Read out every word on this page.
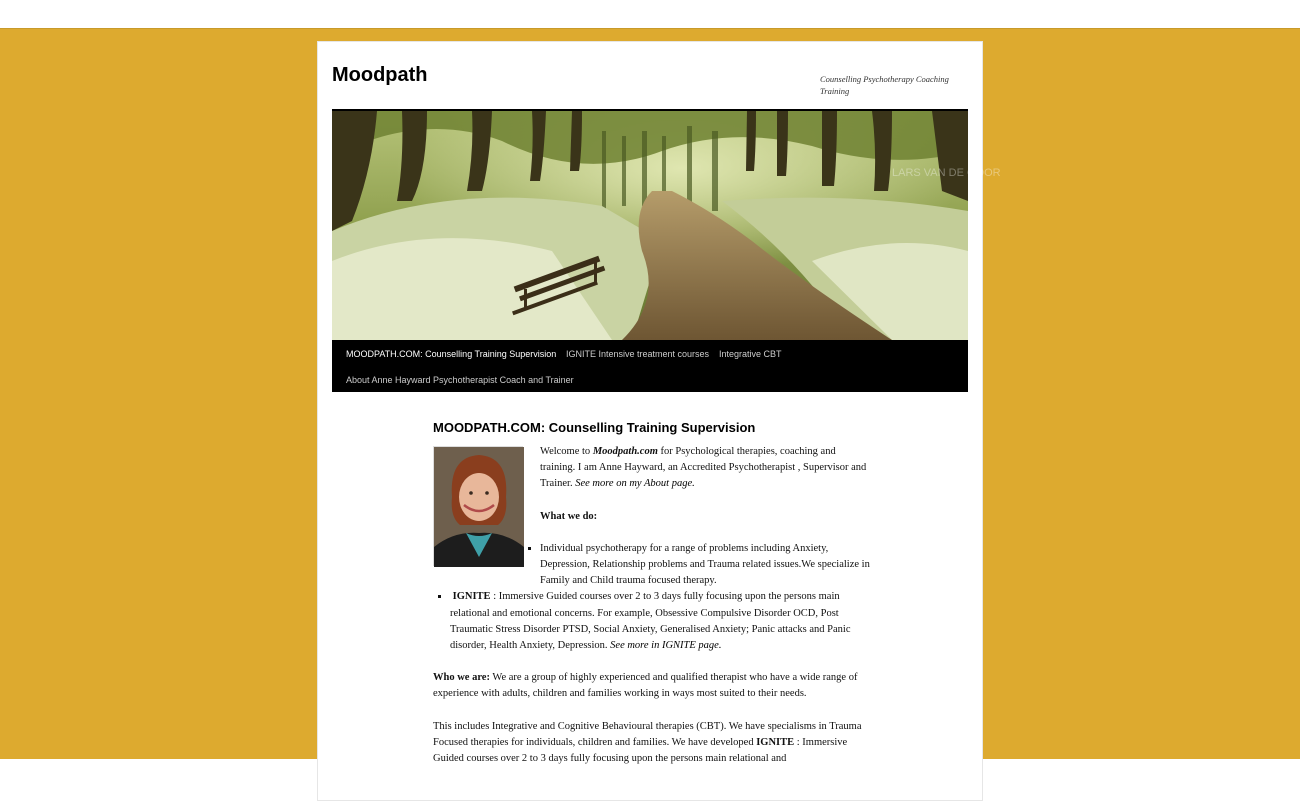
Moodpath	Counselling Psychotherapy Coaching Training
LARS VAN DE GOOR
MOODPATH.COM: Counselling Training Supervision IGNITE Intensive treatment courses Integrative CBT
About Anne Hayward Psychotherapist Coach and Trainer
MOODPATH.COM: Counselling Training Supervision

Welcome to Moodpath.com for Psychological therapies, coaching and training. I am Anne Hayward, an Accredited Psychotherapist , Supervisor and Trainer. See more on my About page.

What we do:

▪ Individual psychotherapy for a range of problems including Anxiety, Depression, Relationship problems and Trauma related issues.We specialize in Family and Child trauma focused therapy.
▪ IGNITE : Immersive Guided courses over 2 to 3 days fully focusing upon the persons main relational and emotional concerns. For example, Obsessive Compulsive Disorder OCD, Post Traumatic Stress Disorder PTSD, Social Anxiety, Generalised Anxiety; Panic attacks and Panic disorder, Health Anxiety, Depression. See more in IGNITE page.

Who we are: We are a group of highly experienced and qualified therapist who have a wide range of experience with adults, children and families working in ways most suited to their needs.

This includes Integrative and Cognitive Behavioural therapies (CBT). We have specialisms in Trauma Focused therapies for individuals, children and families. We have developed IGNITE : Immersive Guided courses over 2 to 3 days fully focusing upon the persons main relational and
